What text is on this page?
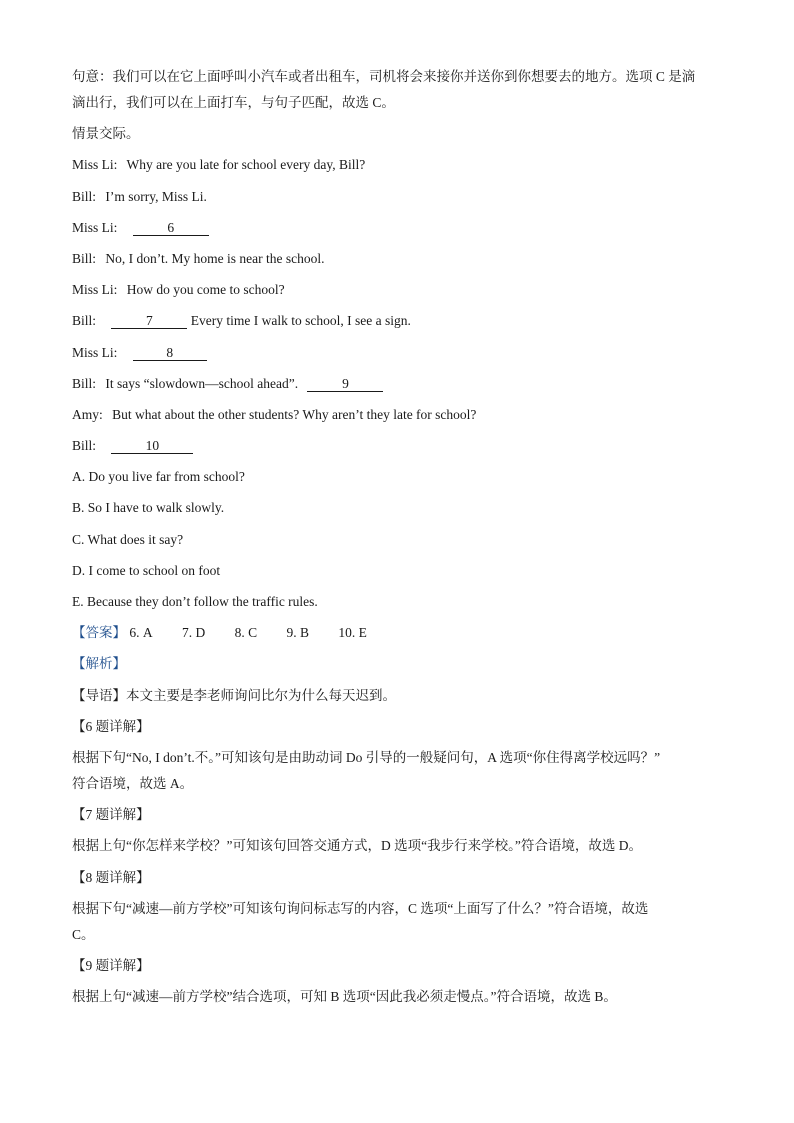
句意：我们可以在它上面呼叫小汽车或者出租车，司机将会来接你并送你到你想要去的地方。选项 C 是滴
滴出行，我们可以在上面打车，与句子匹配，故选 C。
情景交际。
Miss Li: Why are you late for school every day, Bill?
Bill: I’m sorry, Miss Li.
Miss Li:	6
Bill: No, I don’t. My home is near the school.
Miss Li: How do you come to school?
Bill:	7	Every time I walk to school, I see a sign.
Miss Li:	8
Bill: It says “slowdown—school ahead”.	9
Amy: But what about the other students? Why aren’t they late for school?
Bill:	10
A. Do you live far from school?
B. So I have to walk slowly.
C. What does it say?
D. I come to school on foot
E. Because they don’t follow the traffic rules.
【答案】 6. A 7. D 8. C 9. B 10. E
【解析】
【导语】本文主要是李老师询问比尔为什么每天迟到。
【6 题详解】
根据下句“No, I don’t.不。”可知该句是由助动词 Do 引导的一般疑问句，A 选项“你住得离学校远吗？”
符合语境，故选 A。
【7 题详解】
根据上句“你怎样来学校？”可知该句回答交通方式，D 选项“我步行来学校。”符合语境，故选 D。
【8 题详解】
根据下句“减速—前方学校”可知该句询问标志写的内容，C 选项“上面写了什么？”符合语境，故选
C。
【9 题详解】
根据上句“减速—前方学校”结合选项，可知 B 选项“因此我必须走慢点。”符合语境，故选 B。
